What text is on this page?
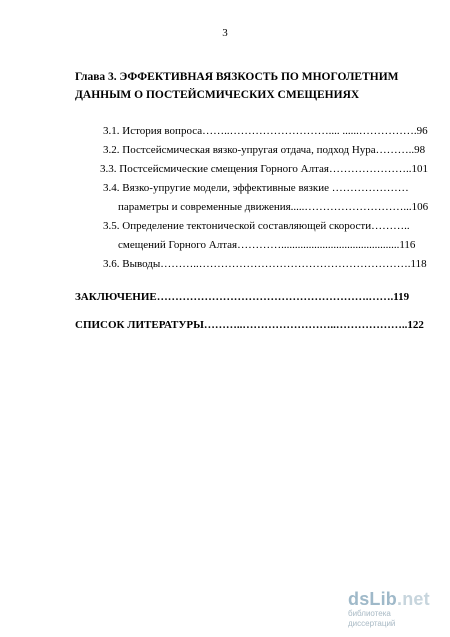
3
Глава 3. ЭФФЕКТИВНАЯ ВЯЗКОСТЬ ПО МНОГОЛЕТНИМ
ДАННЫМ О ПОСТЕЙСМИЧЕСКИХ СМЕЩЕНИЯХ
3.1. История вопроса……..……………………….... ......…………….96
3.2. Постсейсмическая вязко-упругая отдача, подход Нура………..98
3.3. Постсейсмические смещения Горного Алтая…………………..101
3.4. Вязко-упругие модели, эффективные вязкие …………………
параметры и современные движения.....………………………...106
3.5. Определение тектонической составляющей скорости………..
смещений Горного Алтая…………...........................................116
3.6. Выводы………..………………………………………………….118
ЗАКЛЮЧЕНИЕ………………………………………………….…….119
СПИСОК ЛИТЕРАТУРЫ………..……………………..………………..122
dsLib.net
библиотека диссертаций
